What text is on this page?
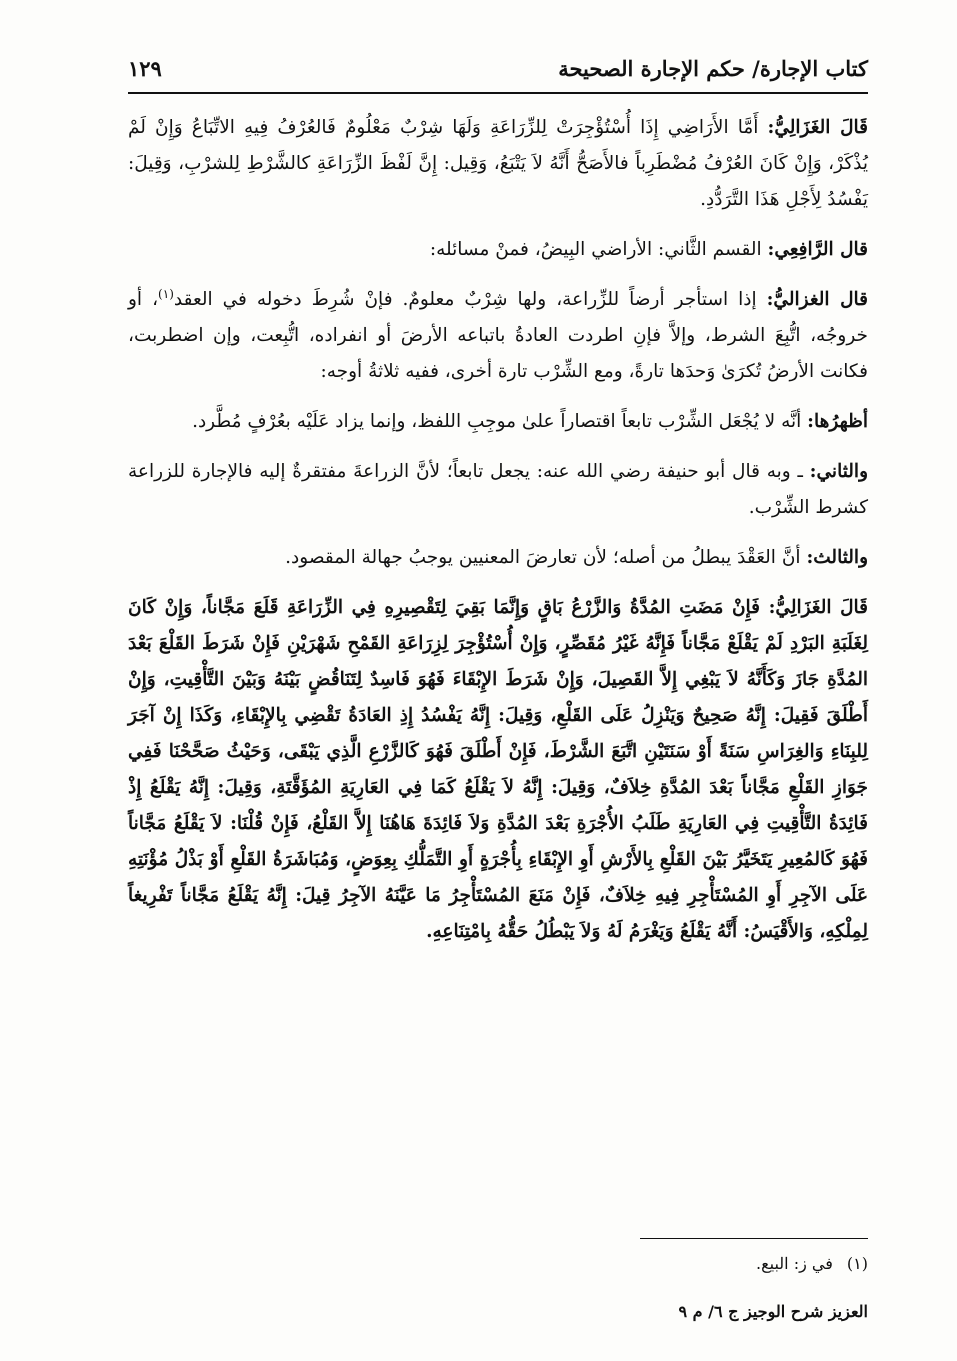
كتاب الإجارة/ حكم الإجارة الصحيحة
١٢٩

قَالَ الغَزَالِيُّ: أَمَّا الأَرَاضِي إِذَا أُسْتُؤْجِرَتْ لِلزِّرَاعَةِ وَلَهَا شِرْبٌ مَعْلُومٌ فَالعُرْفُ فِيهِ الاتِّبَاعُ وَإِنْ لَمْ يُذْكَرْ، وَإِنْ كَانَ العُرْفُ مُضْطَرِباً فالأَصَحُّ أَنَّهُ لاَ يَتْبَعُ، وَقِيل: إِنَّ لَفْظَ الزِّرَاعَةِ كالشَّرْطِ لِلشرْبِ، وَقِيلَ: يَفْسُدُ لِأَجْلِ هَذَا التَّرَدُّدِ.

قال الرَّافِعِي: القسم الثَّاني: الأراضي البِيضُ، فمنْ مسائله:

قال الغزاليُّ: إذا استأجر أرضاً للزِّراعة، ولها شِرْبٌ معلومٌ. فإنْ شُرِطَ دخوله في العقد$^{(١)}$، أو خروجُه، اتُّبِعَ الشرط، وإلاَّ فإنِ اطردت العادةُ باتباعه الأرضَ أو انفراده، اتُّبِعت، وإن اضطربت، فكانت الأرضُ تُكرَىٰ وَحدَها تارةً، ومع الشِّرْب تارة أخرى، ففيه ثلاثةُ أوجه:

أظهرُها: أنَّه لا يُجْعَل الشِّرْب تابعاً اقتصاراً علىٰ موجِبِ اللفظ، وإنما يزاد عَلَيْه بعُرْفٍ مُطَّرد.

والثاني: ـ وبه قال أبو حنيفة رضي الله عنه: يجعل تابعاً؛ لأنَّ الزراعةَ مفتقرةٌ إليه فالإجارة للزراعة كشرط الشِّرْب.

والثالث: أنَّ العَقْدَ يبطلُ من أصله؛ لأن تعارضَ المعنيين يوجبُ جهالة المقصود.

قَالَ الغَزَالِيُّ: فَإِنْ مَضَتِ المُدَّةُ وَالزَّرْعُ بَاقٍ وَإِنَّمَا بَقِيَ لِتَقْصِيرِهِ فِي الزِّرَاعَةِ قَلَعَ مَجَّاناً، وَإِنْ كَانَ لِغَلَبَةِ البَرْدِ لَمْ يَقْلَعْ مَجَّاناً فَإِنَّهُ غَيْرُ مُقَصِّرٍ، وَإِنْ أُسْتُؤْجِرَ لِزِرَاعَةِ القَمْحِ شَهْرَيْنِ فَإِنْ شَرَطَ القَلْعَ بَعْدَ المُدَّةِ جَازَ وَكَأَنَّهُ لاَ يَبْغِي إِلاَّ القَصِيلَ، وَإِنْ شَرَطَ الإِبْقَاءَ فَهُوَ فَاسِدٌ لِتَنَاقُضٍ بَيْنَهُ وَبَيْنَ التَّأْقِيتِ، وَإِنْ أَطْلَقَ فَقِيلَ: إِنَّهُ صَحِيحٌ وَيَنْزِلُ عَلَى القَلْعِ، وَقِيلَ: إِنَّهُ يَفْسُدُ إِذِ العَادَةُ تَقْضِي بِالإِبْقَاءِ، وَكَذَا إِنْ آجَرَ لِلبِنَاءِ وَالغِرَاسِ سَنَةً أَوْ سَنَتَيْنِ اتَّبَعَ الشَّرْطَ، فَإِنْ أَطْلَقَ فَهُوَ كَالزَّرْعِ الَّذِي يَبْقَى، وَحَيْثُ صَحَّحْنَا فَفِي جَوَازِ القَلْعِ مَجَّاناً بَعْدَ المُدَّةِ خِلاَفٌ، وَقِيلَ: إِنَّهُ لاَ يَقْلَعُ كَمَا فِي العَارِيَةِ المُؤَقَّتَةِ، وَقِيلَ: إِنَّهُ يَقْلَعُ إِذْ فَائِدَةُ التَّأْقِيتِ فِي العَارِيَةِ طَلَبُ الأُجْرَةِ بَعْدَ المُدَّةِ وَلاَ فَائِدَةَ هَاهُنَا إِلاَّ القَلْعُ، فَإِنْ قُلْنَا: لاَ يَقْلَعُ مَجَّاناً فَهُوَ كَالمُعِيرِ يَتَخَيَّرُ بَيْنَ القَلْعِ بِالأَرْشِ أَوِ الإِبْقَاءِ بِأُجْرَةٍ أَوِ التَّمَلُّكِ بِعِوَضٍ، وَمُبَاشَرَةُ القَلْعِ أَوْ بَذْلُ مُؤْنَتِهِ عَلَى الآجِرِ أَوِ المُسْتَأْجِرِ فِيهِ خِلاَفٌ، فَإِنْ مَنَعَ المُسْتَأْجِرُ مَا عَيَّنَهُ الآجِرُ قِيلَ: إِنَّهُ يَقْلَعُ مَجَّاناً تَفْرِيغاً لِمِلْكِهِ، وَالأَقْيَسُ: أَنَّهُ يَقْلَعُ وَيَغْرَمُ لَهُ وَلاَ يَبْطُلُ حَقُّهُ بِامْتِنَاعِهِ.

(١)في ز: البيع.
العزيز شرح الوجيز ج ٦/ م ٩
